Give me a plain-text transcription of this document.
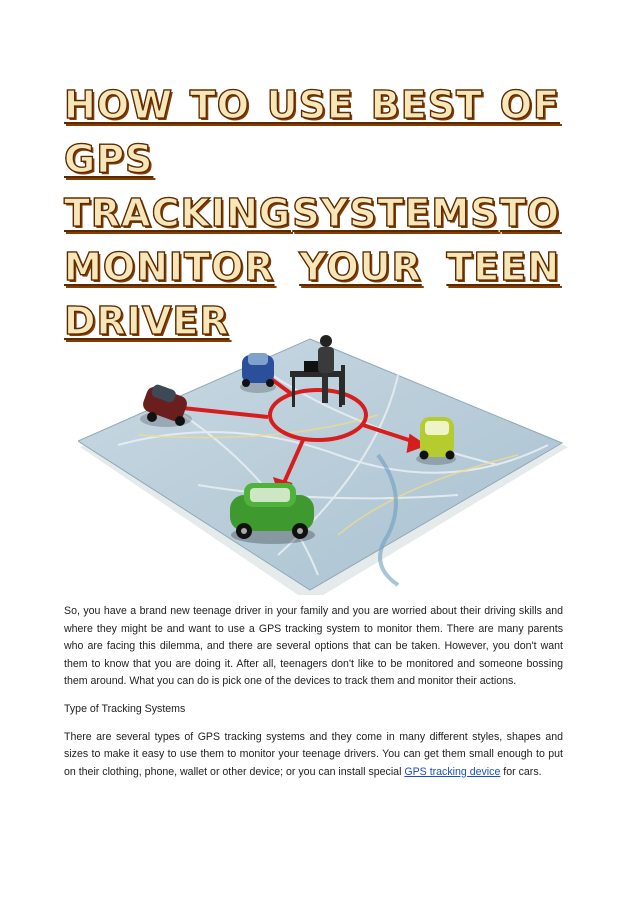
HOW TO USE BEST OF GPS
TRACKING SYSTEMS TO
MONITOR YOUR TEEN
DRIVER

So, you have a brand new teenage driver in your family and you are worried about their driving skills and where they might be and want to use a GPS tracking system to monitor them. There are many parents who are facing this dilemma, and there are several options that can be taken. However, you don't want them to know that you are doing it. After all, teenagers don't like to be monitored and someone bossing them around. What you can do is pick one of the devices to track them and monitor their actions.

Type of Tracking Systems

There are several types of GPS tracking systems and they come in many different styles, shapes and sizes to make it easy to use them to monitor your teenage drivers. You can get them small enough to put on their clothing, phone, wallet or other device; or you can install special GPS tracking device for cars.
